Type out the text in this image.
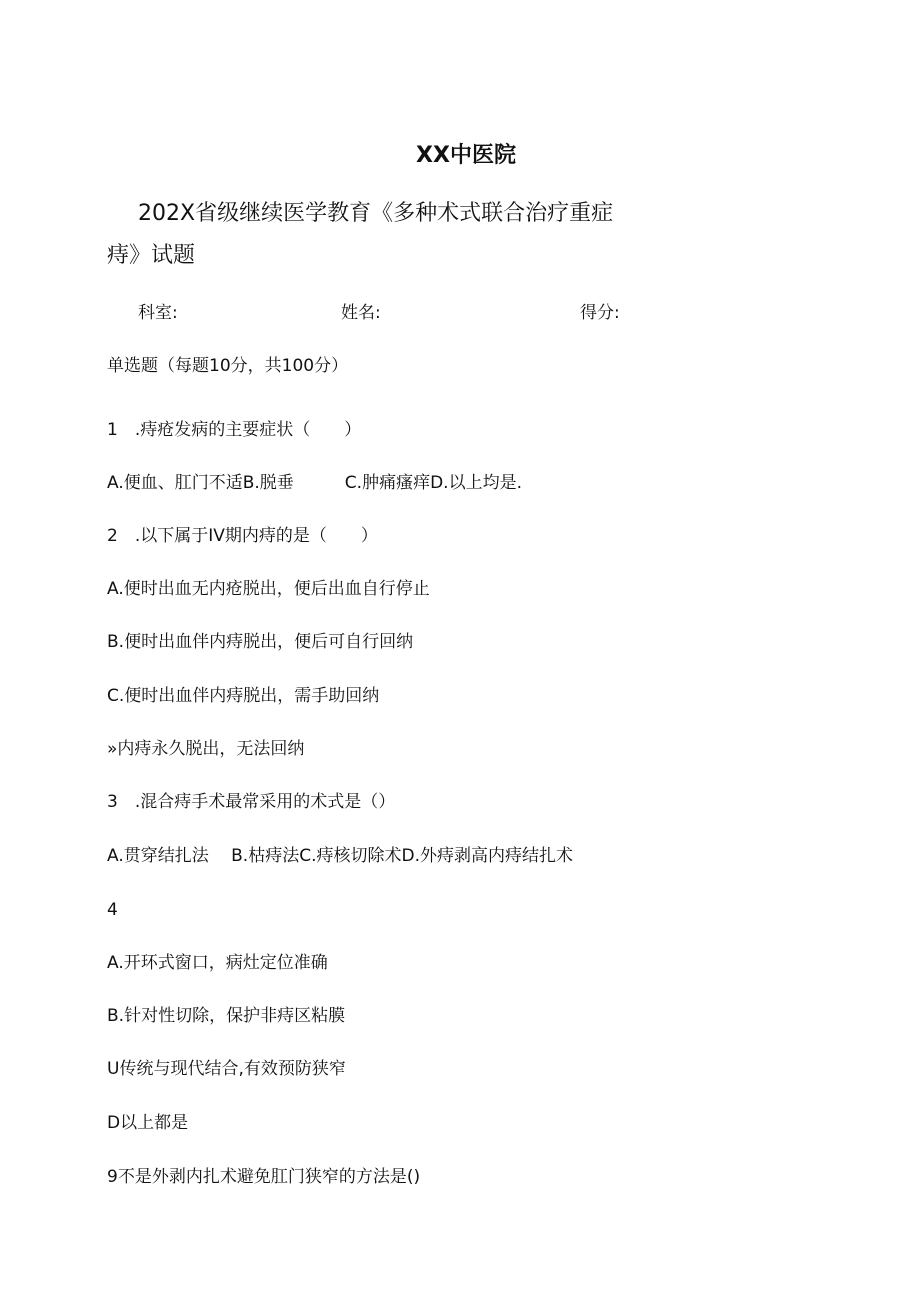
XX中医院
202X省级继续医学教育《多种术式联合治疗重症
痔》试题
科室:	姓名:	得分:
单选题（每题10分，共100分）
1　.痔疮发病的主要症状（　　）
A.便血、肛门不适B.脱垂　　　C.肿痛瘙痒D.以上均是.
2　.以下属于IV期内痔的是（　　）
A.便时出血无内疮脱出，便后出血自行停止
B.便时出血伴内痔脱出，便后可自行回纳
C.便时出血伴内痔脱出，需手助回纳
»内痔永久脱出，无法回纳
3　.混合痔手术最常采用的术式是（）
A.贯穿结扎法　 B.枯痔法C.痔核切除术D.外痔剥高内痔结扎术
4
A.开环式窗口，病灶定位准确
B.针对性切除，保护非痔区粘膜
U传统与现代结合,有效预防狭窄
D以上都是
9不是外剥内扎术避免肛门狭窄的方法是()
